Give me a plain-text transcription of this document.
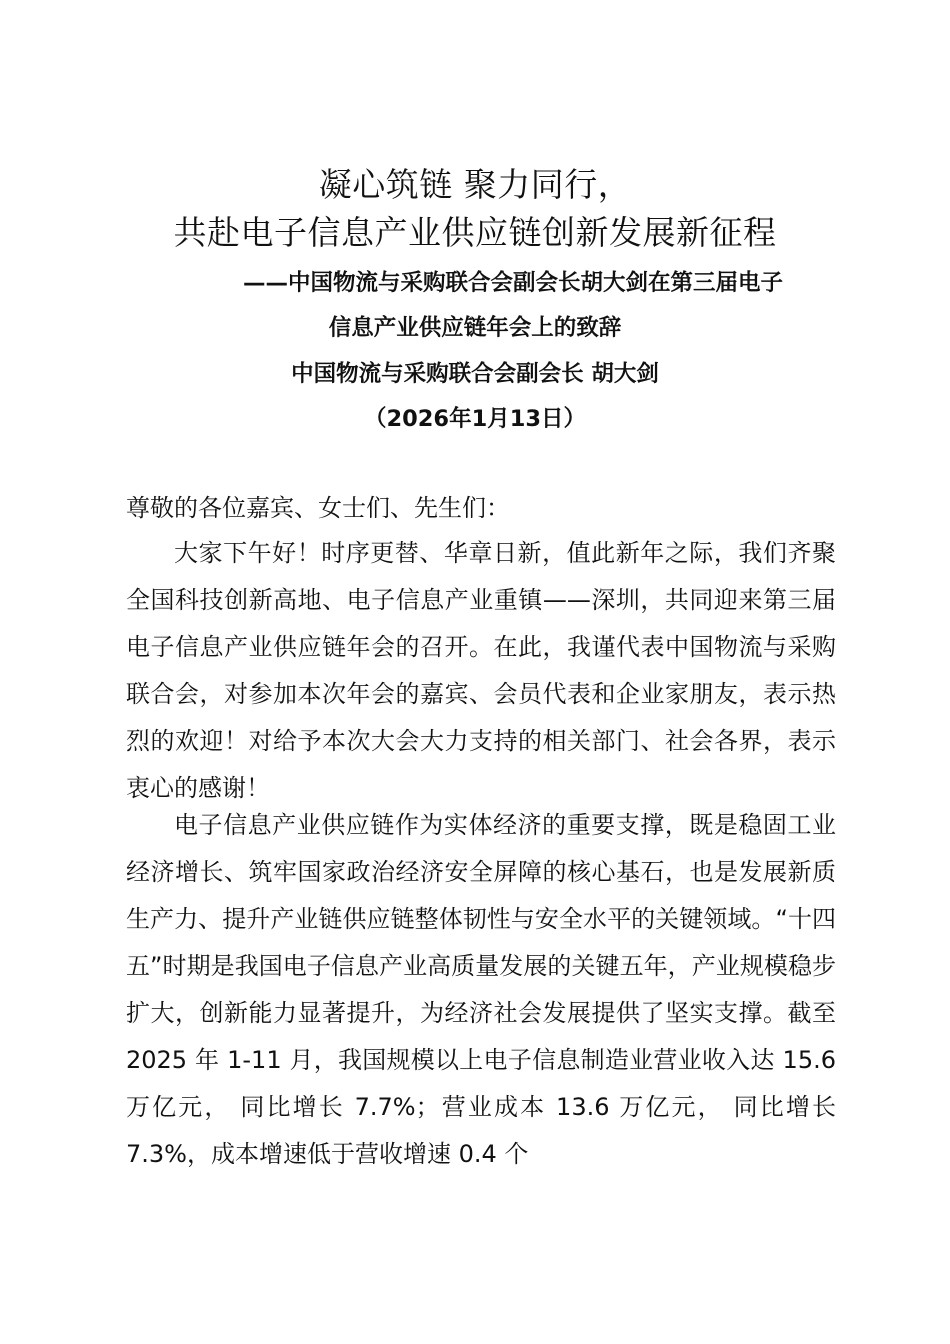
凝心筑链 聚力同行，
共赴电子信息产业供应链创新发展新征程
——中国物流与采购联合会副会长胡大剑在第三届电子
信息产业供应链年会上的致辞
中国物流与采购联合会副会长 胡大剑
（2026年1月13日）
尊敬的各位嘉宾、女士们、先生们：

大家下午好！时序更替、华章日新，值此新年之际，我们齐聚全国科技创新高地、电子信息产业重镇——深圳，共同迎来第三届电子信息产业供应链年会的召开。在此，我谨代表中国物流与采购联合会，对参加本次年会的嘉宾、会员代表和企业家朋友，表示热烈的欢迎！对给予本次大会大力支持的相关部门、社会各界，表示衷心的感谢！

电子信息产业供应链作为实体经济的重要支撑，既是稳固工业经济增长、筑牢国家政治经济安全屏障的核心基石，也是发展新质生产力、提升产业链供应链整体韧性与安全水平的关键领域。“十四五”时期是我国电子信息产业高质量发展的关键五年，产业规模稳步扩大，创新能力显著提升，为经济社会发展提供了坚实支撑。截至 2025 年 1-11 月，我国规模以上电子信息制造业营业收入达 15.6 万亿元， 同比增长 7.7%；营业成本 13.6 万亿元， 同比增长 7.3%，成本增速低于营收增速 0.4 个
